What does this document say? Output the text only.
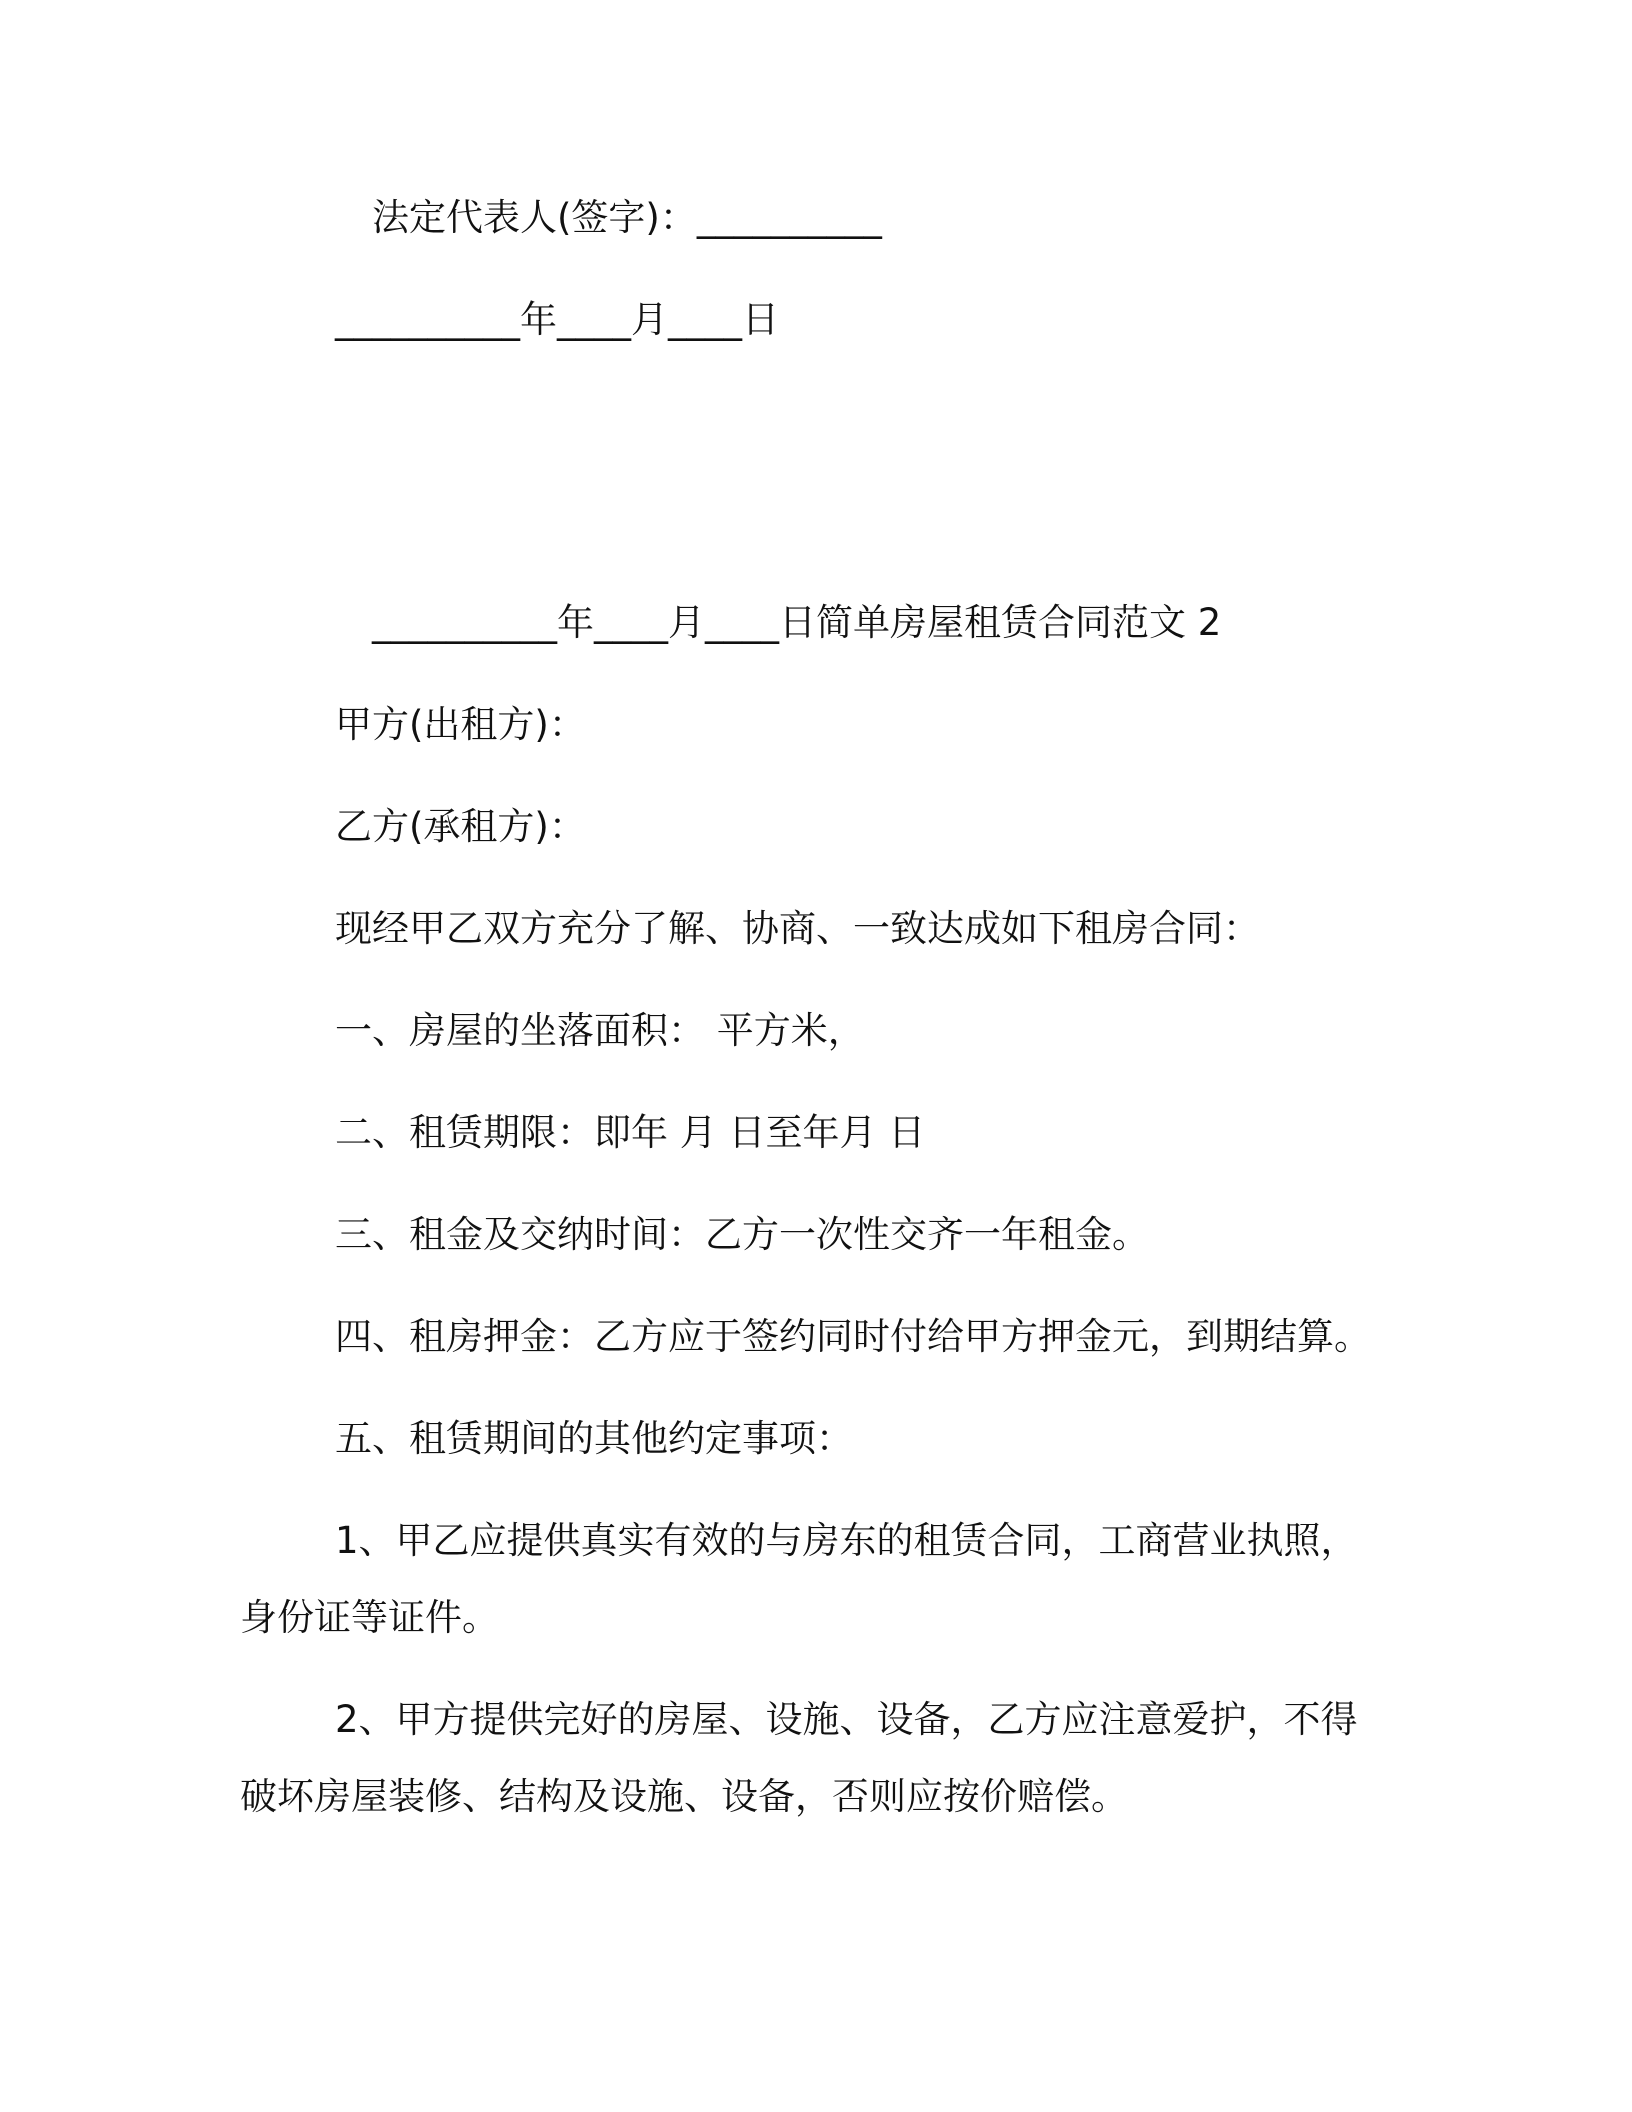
法定代表人(签字)：__________
__________年____月____日
__________年____月____日简单房屋租赁合同范文 2
甲方(出租方)：
乙方(承租方)：
现经甲乙双方充分了解、协商、一致达成如下租房合同：
一、房屋的坐落面积： 平方米，
二、租赁期限：即年 月 日至年月 日
三、租金及交纳时间：乙方一次性交齐一年租金。
四、租房押金：乙方应于签约同时付给甲方押金元，到期结算。
五、租赁期间的其他约定事项：
1、甲乙应提供真实有效的与房东的租赁合同，工商营业执照，
身份证等证件。
2、甲方提供完好的房屋、设施、设备，乙方应注意爱护，不得
破坏房屋装修、结构及设施、设备，否则应按价赔偿。
